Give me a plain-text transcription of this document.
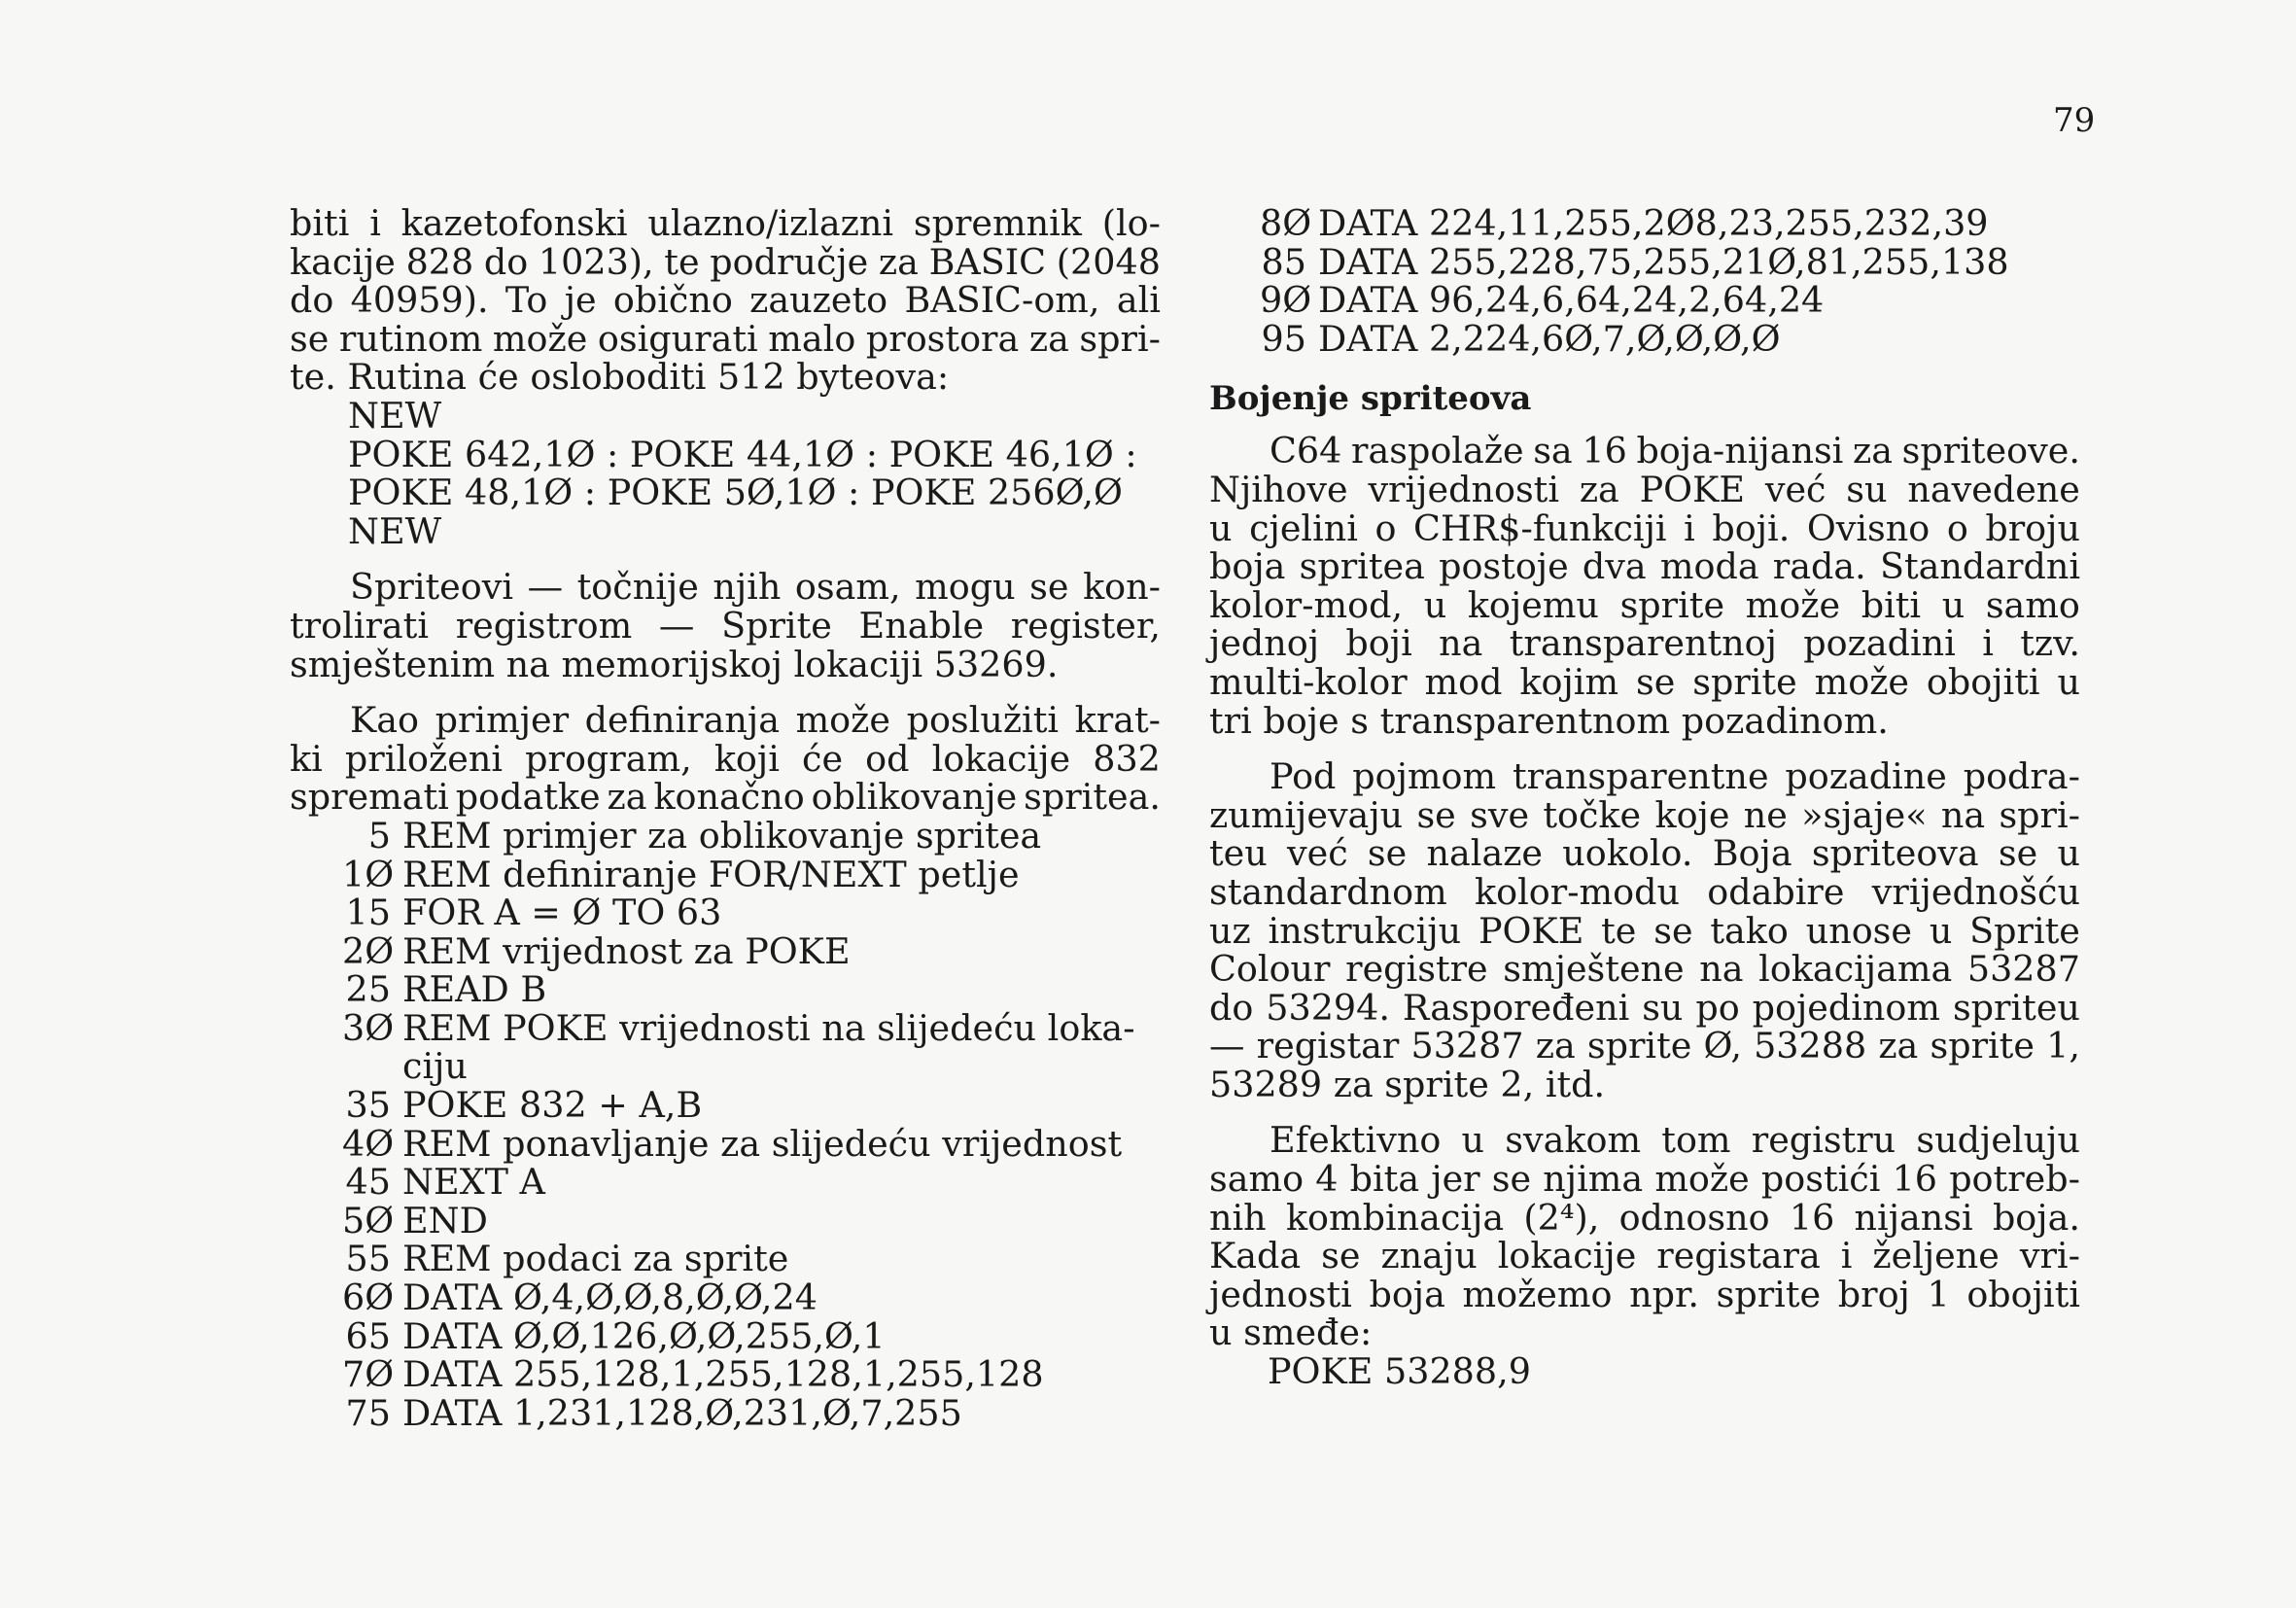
79
biti i kazetofonski ulazno/izlazni spremnik (lo-
kacije 828 do 1023), te područje za BASIC (2048
do 40959). To je obično zauzeto BASIC-om, ali
se rutinom može osigurati malo prostora za spri-
te. Rutina će osloboditi 512 byteova:
NEW
POKE 642,1Ø : POKE 44,1Ø : POKE 46,1Ø :
POKE 48,1Ø : POKE 5Ø,1Ø : POKE 256Ø,Ø
NEW
Spriteovi — točnije njih osam, mogu se kon-
trolirati registrom — Sprite Enable register,
smještenim na memorijskoj lokaciji 53269.
Kao primjer definiranja može poslužiti krat-
ki priloženi program, koji će od lokacije 832
spremati podatke za konačno oblikovanje spritea.
5 REM primjer za oblikovanje spritea
1Ø REM definiranje FOR/NEXT petlje
15 FOR A = Ø TO 63
2Ø REM vrijednost za POKE
25 READ B
3Ø REM POKE vrijednosti na slijedeću loka-
ciju
35 POKE 832 + A,B
4Ø REM ponavljanje za slijedeću vrijednost
45 NEXT A
5Ø END
55 REM podaci za sprite
6Ø DATA Ø,4,Ø,Ø,8,Ø,Ø,24
65 DATA Ø,Ø,126,Ø,Ø,255,Ø,1
7Ø DATA 255,128,1,255,128,1,255,128
75 DATA 1,231,128,Ø,231,Ø,7,255
8Ø DATA 224,11,255,2Ø8,23,255,232,39
85 DATA 255,228,75,255,21Ø,81,255,138
9Ø DATA 96,24,6,64,24,2,64,24
95 DATA 2,224,6Ø,7,Ø,Ø,Ø,Ø
Bojenje spriteova
C64 raspolaže sa 16 boja-nijansi za spriteove.
Njihove vrijednosti za POKE već su navedene
u cjelini o CHR$-funkciji i boji. Ovisno o broju
boja spritea postoje dva moda rada. Standardni
kolor-mod, u kojemu sprite može biti u samo
jednoj boji na transparentnoj pozadini i tzv.
multi-kolor mod kojim se sprite može obojiti u
tri boje s transparentnom pozadinom.
Pod pojmom transparentne pozadine podra-
zumijevaju se sve točke koje ne »sjaje« na spri-
teu već se nalaze uokolo. Boja spriteova se u
standardnom kolor-modu odabire vrijednošću
uz instrukciju POKE te se tako unose u Sprite
Colour registre smještene na lokacijama 53287
do 53294. Raspoređeni su po pojedinom spriteu
— registar 53287 za sprite Ø, 53288 za sprite 1,
53289 za sprite 2, itd.
Efektivno u svakom tom registru sudjeluju
samo 4 bita jer se njima može postići 16 potreb-
nih kombinacija (2⁴), odnosno 16 nijansi boja.
Kada se znaju lokacije registara i željene vri-
jednosti boja možemo npr. sprite broj 1 obojiti
u smeđe:
POKE 53288,9
